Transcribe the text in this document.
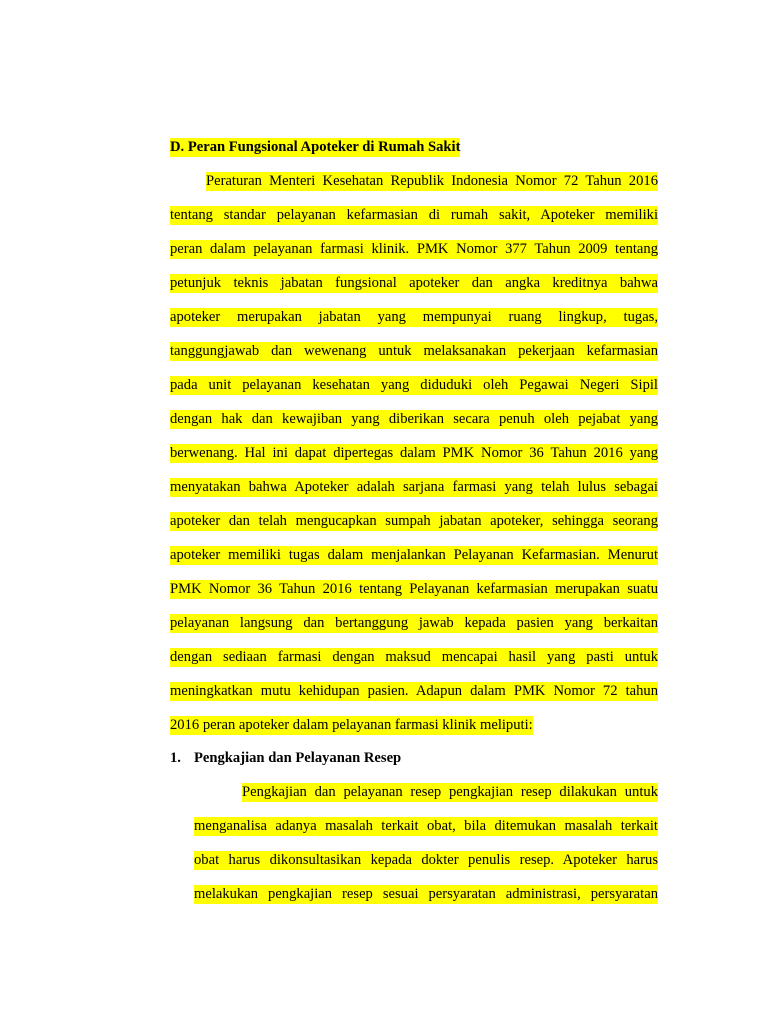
D. Peran Fungsional Apoteker di Rumah Sakit
Peraturan Menteri Kesehatan Republik Indonesia Nomor 72 Tahun 2016
tentang standar pelayanan kefarmasian di rumah sakit, Apoteker memiliki
peran dalam pelayanan farmasi klinik. PMK Nomor 377 Tahun 2009 tentang
petunjuk teknis jabatan fungsional apoteker dan angka kreditnya bahwa
apoteker merupakan jabatan yang mempunyai ruang lingkup, tugas,
tanggungjawab dan wewenang untuk melaksanakan pekerjaan kefarmasian
pada unit pelayanan kesehatan yang diduduki oleh Pegawai Negeri Sipil
dengan hak dan kewajiban yang diberikan secara penuh oleh pejabat yang
berwenang. Hal ini dapat dipertegas dalam PMK Nomor 36 Tahun 2016 yang
menyatakan bahwa Apoteker adalah sarjana farmasi yang telah lulus sebagai
apoteker dan telah mengucapkan sumpah jabatan apoteker, sehingga seorang
apoteker memiliki tugas dalam menjalankan Pelayanan Kefarmasian. Menurut
PMK Nomor 36 Tahun 2016 tentang Pelayanan kefarmasian merupakan suatu
pelayanan langsung dan bertanggung jawab kepada pasien yang berkaitan
dengan sediaan farmasi dengan maksud mencapai hasil yang pasti untuk
meningkatkan mutu kehidupan pasien. Adapun dalam PMK Nomor 72 tahun
2016 peran apoteker dalam pelayanan farmasi klinik meliputi:
1. Pengkajian dan Pelayanan Resep
Pengkajian dan pelayanan resep pengkajian resep dilakukan untuk
menganalisa adanya masalah terkait obat, bila ditemukan masalah terkait
obat harus dikonsultasikan kepada dokter penulis resep. Apoteker harus
melakukan pengkajian resep sesuai persyaratan administrasi, persyaratan
